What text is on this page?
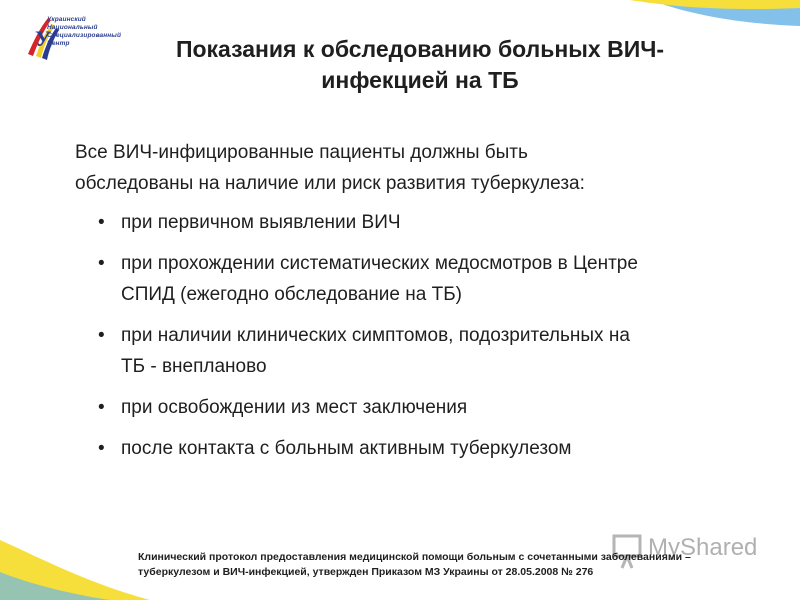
У
Украинский
Национальный
Специализированный
Центр	Показания к обследованию больных ВИЧ-
инфекцией на ТБ
Все ВИЧ-инфицированные пациенты должны быть
обследованы на наличие или риск развития туберкулеза:
• при первичном выявлении ВИЧ
• при прохождении систематических медосмотров в Центре
СПИД (ежегодно обследование на ТБ)
• при наличии клинических симптомов, подозрительных на
ТБ - внепланово
• при освобождении из мест заключения
• после контакта с больным активным туберкулезом
MyShared
Клинический протокол предоставления медицинской помощи больным с сочетанными заболеваниями –
туберкулезом и ВИЧ-инфекцией, утвержден Приказом МЗ Украины от 28.05.2008 № 276
